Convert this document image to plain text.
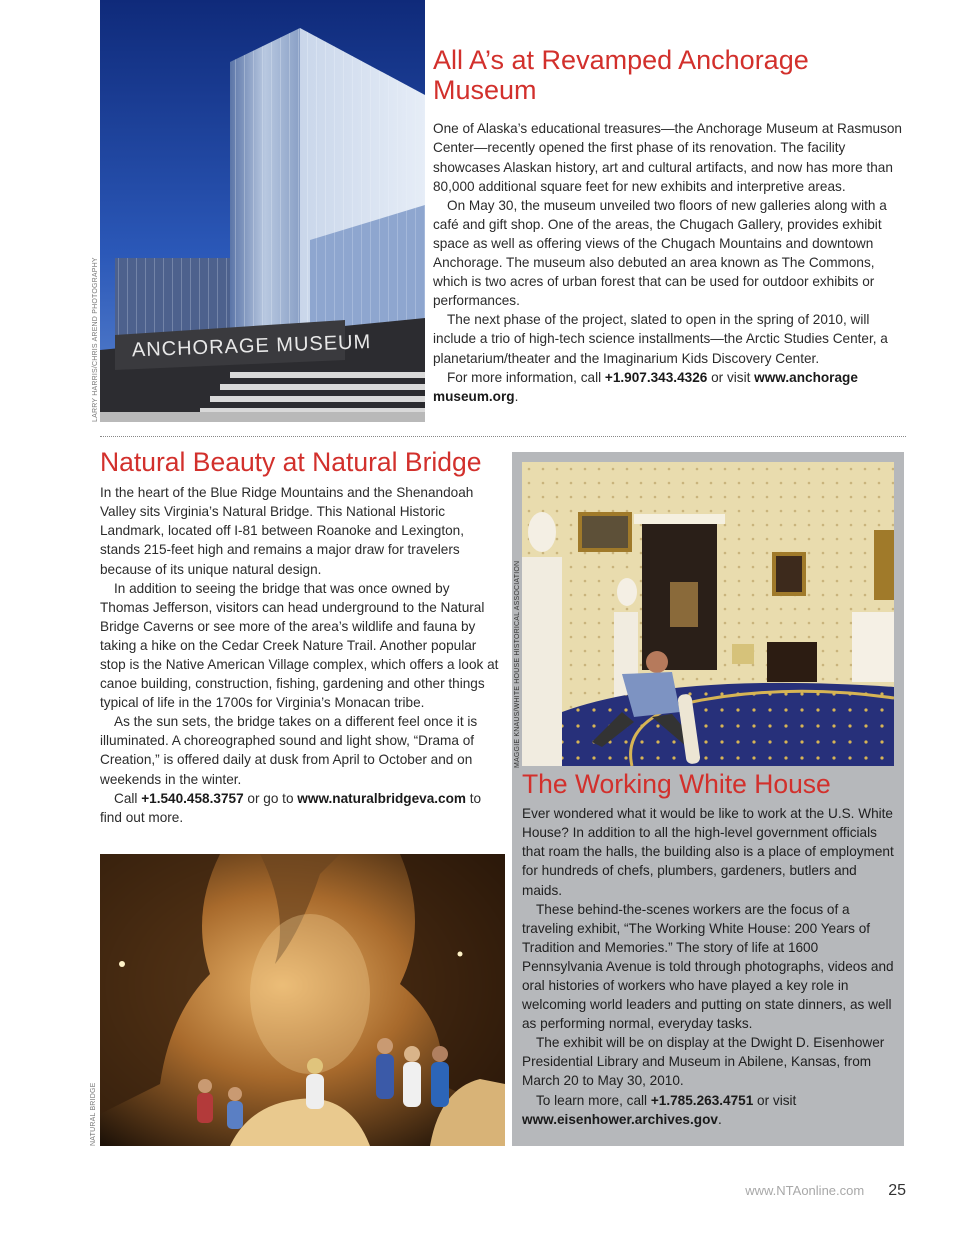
LARRY HARRIS/CHRIS AREND PHOTOGRAPHY ANCHORAGE MUSEUM
All A’s at Revamped Anchorage Museum

One of Alaska’s educational treasures—the Anchorage Museum at Rasmuson Center—recently opened the first phase of its renovation. The facility showcases Alaskan history, art and cultural artifacts, and now has more than 80,000 additional square feet for new exhibits and interpretive areas.

On May 30, the museum unveiled two floors of new galleries along with a café and gift shop. One of the areas, the Chugach Gallery, provides exhibit space as well as offering views of the Chugach Mountains and downtown Anchorage. The museum also debuted an area known as The Commons, which is two acres of urban forest that can be used for outdoor exhibits or performances.

The next phase of the project, slated to open in the spring of 2010, will include a trio of high-tech science installments—the Arctic Studies Center, a planetarium/theater and the Imaginarium Kids Discovery Center.

For more information, call +1.907.343.4326 or visit www.anchorage museum.org.

Natural Beauty at Natural Bridge

In the heart of the Blue Ridge Mountains and the Shenandoah Valley sits Virginia’s Natural Bridge. This National Historic Landmark, located off I-81 between Roanoke and Lexington, stands 215-feet high and remains a major draw for travelers because of its unique natural design.

In addition to seeing the bridge that was once owned by Thomas Jefferson, visitors can head underground to the Natural Bridge Caverns or see more of the area’s wildlife and fauna by taking a hike on the Cedar Creek Nature Trail. Another popular stop is the Native American Village complex, which offers a look at canoe building, construction, fishing, gardening and other things typical of life in the 1700s for Virginia’s Monacan tribe.

As the sun sets, the bridge takes on a different feel once it is illuminated. A choreographed sound and light show, “Drama of Creation,” is offered daily at dusk from April to October and on weekends in the winter.

Call +1.540.458.3757 or go to www.naturalbridgeva.com to find out more.

NATURAL BRIDGE
MAGGIE KNAUS/WHITE HOUSE HISTORICAL ASSOCIATION
The Working White House

Ever wondered what it would be like to work at the U.S. White House? In addition to all the high-level government officials that roam the halls, the building also is a place of employment for hundreds of chefs, plumbers, gardeners, butlers and maids.

These behind-the-scenes workers are the focus of a traveling exhibit, “The Working White House: 200 Years of Tradition and Memories.” The story of life at 1600 Pennsylvania Avenue is told through photographs, videos and oral histories of workers who have played a key role in welcoming world leaders and putting on state dinners, as well as performing normal, everyday tasks.

The exhibit will be on display at the Dwight D. Eisenhower Presidential Library and Museum in Abilene, Kansas, from March 20 to May 30, 2010.

To learn more, call +1.785.263.4751 or visit www.eisenhower.archives.gov.

www.NTAonline.com 25
